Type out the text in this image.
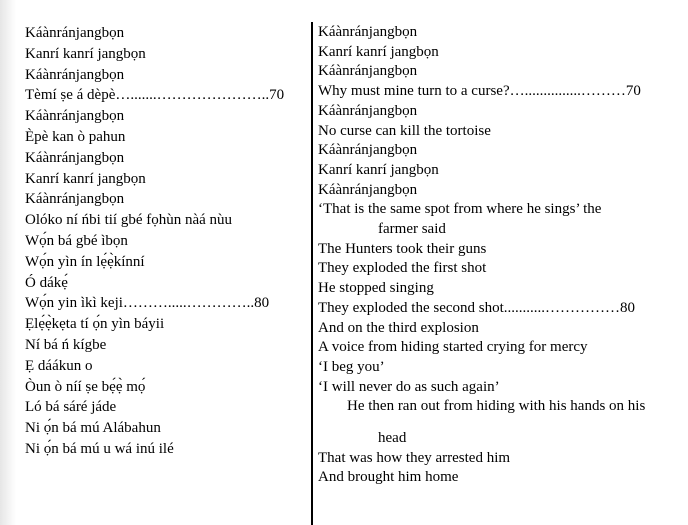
Káànránjangbọn
Kanrí kanrí jangbọn
Káànránjangbọn
Tèmí ṣe á dèpè….......…………………..70
Káànránjangbọn
Èpè kan ò pahun
Káànránjangbọn
Kanrí kanrí jangbọn
Káànránjangbọn
Olóko ní ńbi tií gbé fọhùn nàá nùu
Wọ́n bá gbé ìbọn
Wọ́n yìn ín lẹ́ẹ̀kínní
Ó dákẹ́
Wọ́n yin ìkì keji……….....…………..80
Ẹlẹ́ẹ̀kẹta tí ọ́n yìn báyii
Ní bá ń kígbe
Ẹ dáákun o
Òun ò níí ṣe bẹ́ẹ̀ mọ́
Ló bá sáré jáde
Ni ọ́n bá mú Alábahun
Ni ọ́n bá mú u wá inú ilé
Káànránjangbọn
Kanrí kanrí jangbọn
Káànránjangbọn
Why must mine turn to a curse?…...............………70
Káànránjangbọn
No curse can kill the tortoise
Káànránjangbọn
Kanrí kanrí jangbọn
Káànránjangbọn
‘That is the same spot from where he sings’ the
farmer said
The Hunters took their guns
They exploded the first shot
He stopped singing
They exploded the second shot...........……………80
And on the third explosion
A voice from hiding started crying for mercy
‘I beg you’
‘I will never do as such again’
He then ran out from hiding with his hands on his
head
That was how they arrested him
And brought him home
